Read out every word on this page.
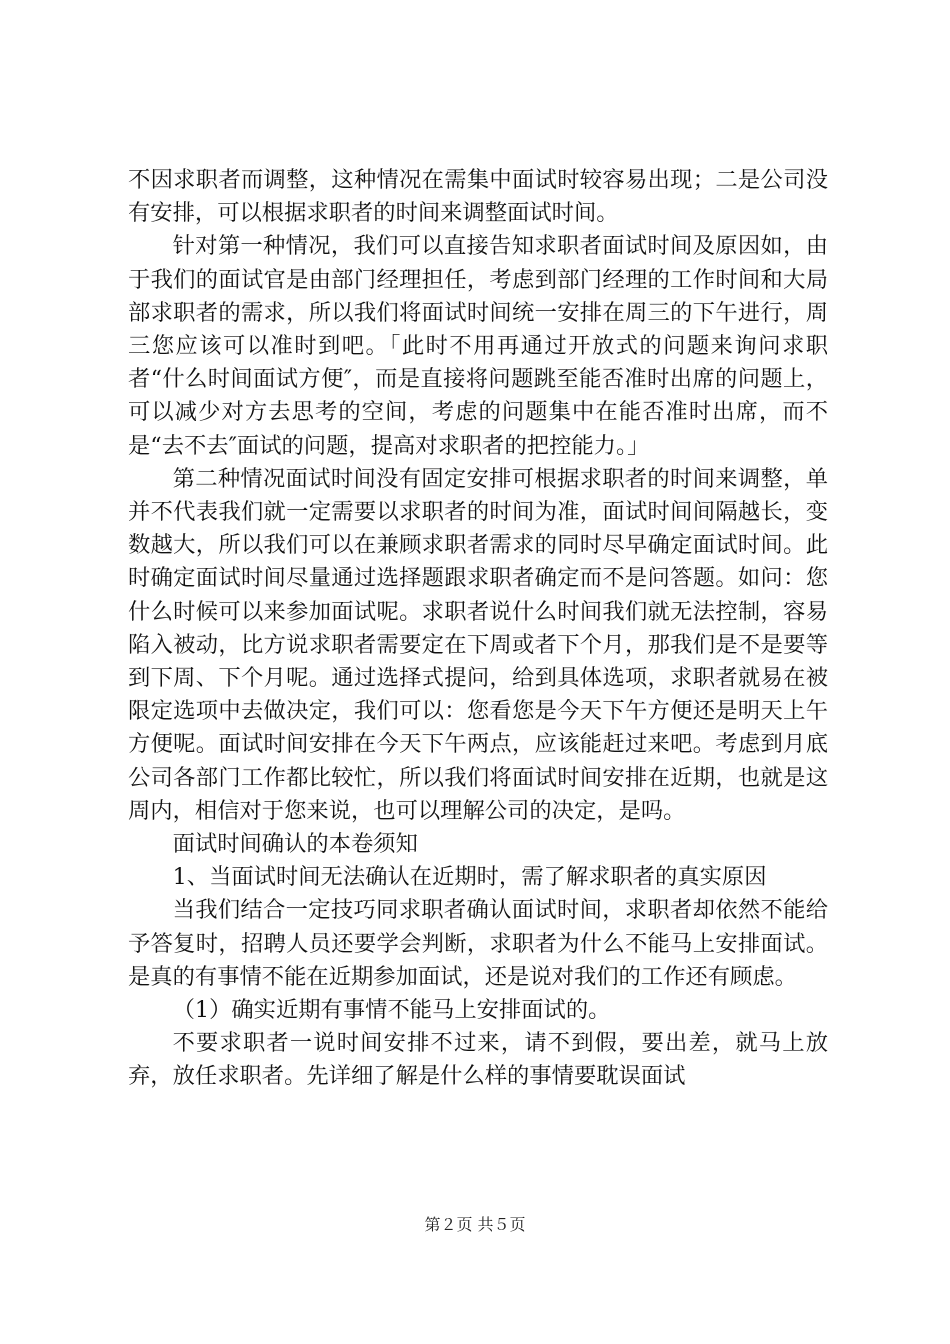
不因求职者而调整，这种情况在需集中面试时较容易出现；二是公司没有安排，可以根据求职者的时间来调整面试时间。

针对第一种情况，我们可以直接告知求职者面试时间及原因如，由于我们的面试官是由部门经理担任，考虑到部门经理的工作时间和大局部求职者的需求，所以我们将面试时间统一安排在周三的下午进行，周三您应该可以准时到吧。「此时不用再通过开放式的问题来询问求职者“什么时间面试方便″，而是直接将问题跳至能否准时出席的问题上，可以减少对方去思考的空间，考虑的问题集中在能否准时出席，而不是“去不去″面试的问题，提高对求职者的把控能力。」

第二种情况面试时间没有固定安排可根据求职者的时间来调整，单并不代表我们就一定需要以求职者的时间为准，面试时间间隔越长，变数越大，所以我们可以在兼顾求职者需求的同时尽早确定面试时间。此时确定面试时间尽量通过选择题跟求职者确定而不是问答题。如问：您什么时候可以来参加面试呢。求职者说什么时间我们就无法控制，容易陷入被动，比方说求职者需要定在下周或者下个月，那我们是不是要等到下周、下个月呢。通过选择式提问，给到具体选项，求职者就易在被限定选项中去做决定，我们可以：您看您是今天下午方便还是明天上午方便呢。面试时间安排在今天下午两点，应该能赶过来吧。考虑到月底公司各部门工作都比较忙，所以我们将面试时间安排在近期，也就是这周内，相信对于您来说，也可以理解公司的决定，是吗。

面试时间确认的本卷须知

1、当面试时间无法确认在近期时，需了解求职者的真实原因

当我们结合一定技巧同求职者确认面试时间，求职者却依然不能给予答复时，招聘人员还要学会判断，求职者为什么不能马上安排面试。是真的有事情不能在近期参加面试，还是说对我们的工作还有顾虑。

（1）确实近期有事情不能马上安排面试的。

不要求职者一说时间安排不过来，请不到假，要出差，就马上放弃，放任求职者。先详细了解是什么样的事情要耽误面试

第２页 共５页
